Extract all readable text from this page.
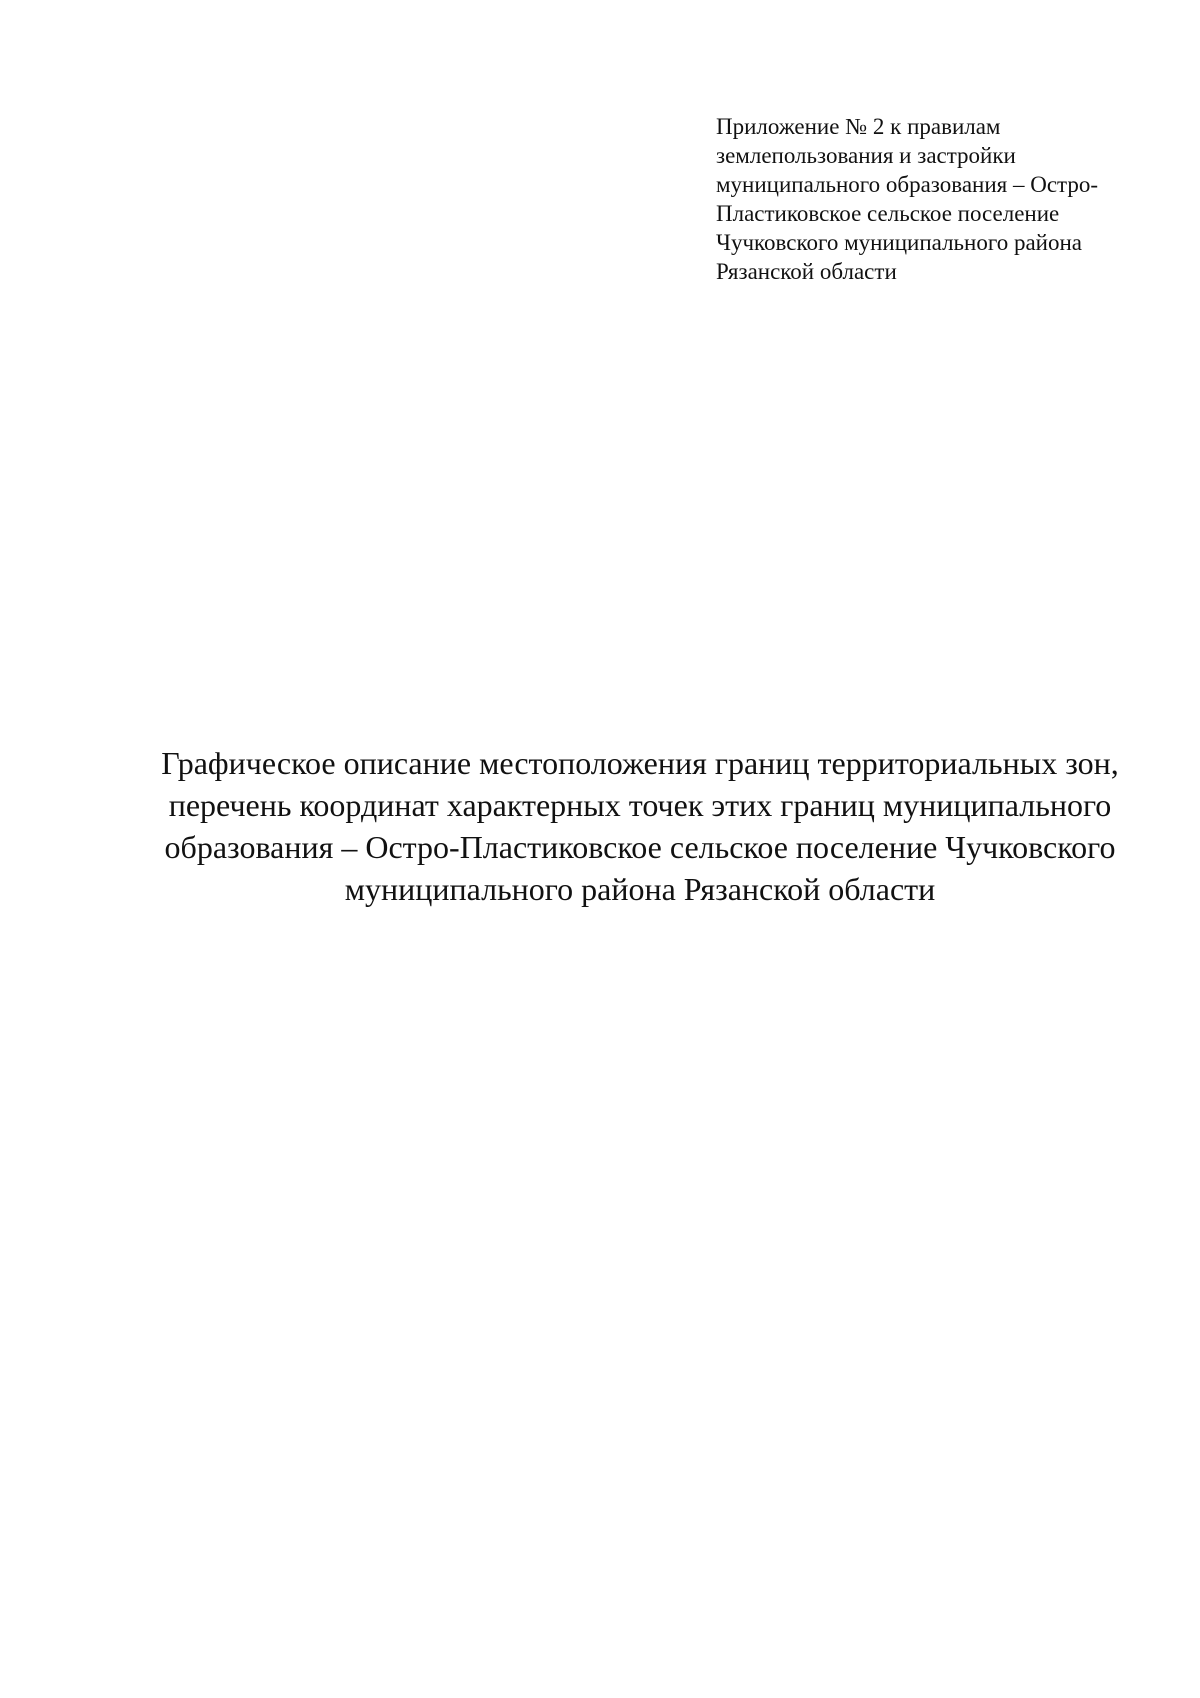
Приложение № 2 к правилам
землепользования и застройки
муниципального образования – Остро-
Пластиковское сельское поселение
Чучковского муниципального района
Рязанской области
Графическое описание местоположения границ территориальных зон,
перечень координат характерных точек этих границ муниципального
образования – Остро-Пластиковское сельское поселение Чучковского
муниципального района Рязанской области
